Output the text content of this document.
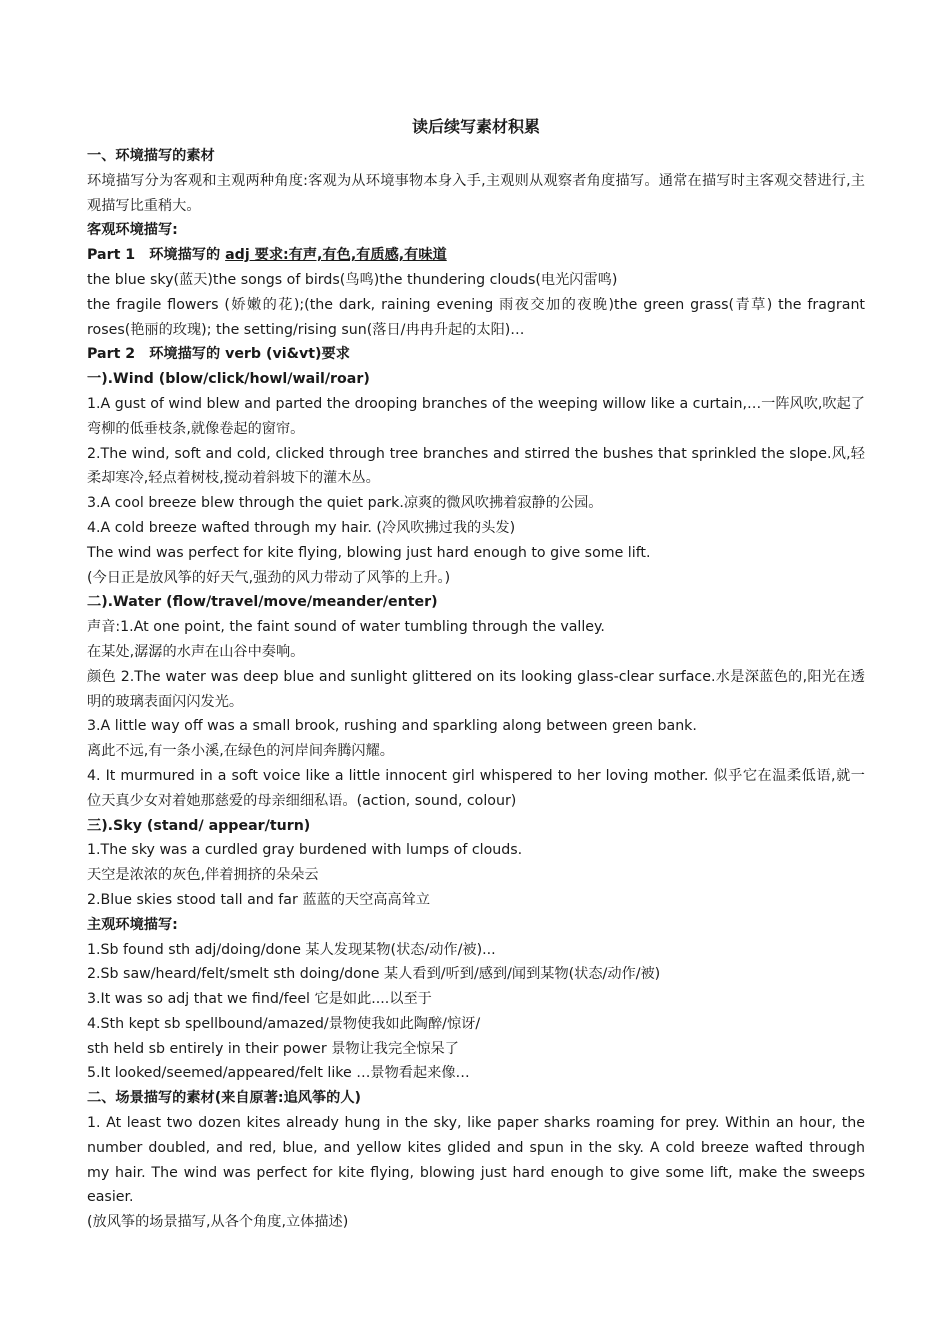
读后续写素材积累

一、环境描写的素材

环境描写分为客观和主观两种角度:客观为从环境事物本身入手,主观则从观察者角度描写。通常在描写时主客观交替进行,主观描写比重稍大。

客观环境描写:

Part 1 环境描写的 adj 要求:有声,有色,有质感,有味道

the blue sky(蓝天)the songs of birds(鸟鸣)the thundering clouds(电光闪雷鸣)

the fragile flowers (娇嫩的花);(the dark, raining evening 雨夜交加的夜晚)the green grass(青草) the fragrant roses(艳丽的玫瑰); the setting/rising sun(落日/冉冉升起的太阳)…

Part 2 环境描写的 verb (vi&vt)要求

一).Wind (blow/click/howl/wail/roar)

1.A gust of wind blew and parted the drooping branches of the weeping willow like a curtain,…一阵风吹,吹起了弯柳的低垂枝条,就像卷起的窗帘。

2.The wind, soft and cold, clicked through tree branches and stirred the bushes that sprinkled the slope.风,轻柔却寒冷,轻点着树枝,搅动着斜坡下的灌木丛。

3.A cool breeze blew through the quiet park.凉爽的微风吹拂着寂静的公园。

4.A cold breeze wafted through my hair. (冷风吹拂过我的头发)

The wind was perfect for kite flying, blowing just hard enough to give some lift.

(今日正是放风筝的好天气,强劲的风力带动了风筝的上升。)

二).Water (flow/travel/move/meander/enter)

声音:1.At one point, the faint sound of water tumbling through the valley.

在某处,潺潺的水声在山谷中奏响。

颜色 2.The water was deep blue and sunlight glittered on its looking glass-clear surface.水是深蓝色的,阳光在透明的玻璃表面闪闪发光。

3.A little way off was a small brook, rushing and sparkling along between green bank.

离此不远,有一条小溪,在绿色的河岸间奔腾闪耀。

4. It murmured in a soft voice like a little innocent girl whispered to her loving mother. 似乎它在温柔低语,就一位天真少女对着她那慈爱的母亲细细私语。(action, sound, colour)

三).Sky (stand/ appear/turn)

1.The sky was a curdled gray burdened with lumps of clouds.

天空是浓浓的灰色,伴着拥挤的朵朵云

2.Blue skies stood tall and far 蓝蓝的天空高高耸立

主观环境描写:

1.Sb found sth adj/doing/done 某人发现某物(状态/动作/被)...

2.Sb saw/heard/felt/smelt sth doing/done 某人看到/听到/感到/闻到某物(状态/动作/被)

3.It was so adj that we find/feel 它是如此....以至于

4.Sth kept sb spellbound/amazed/景物使我如此陶醉/惊讶/

sth held sb entirely in their power 景物让我完全惊呆了

5.It looked/seemed/appeared/felt like …景物看起来像…

二、场景描写的素材(来自原著:追风筝的人)

1. At least two dozen kites already hung in the sky, like paper sharks roaming for prey. Within an hour, the number doubled, and red, blue, and yellow kites glided and spun in the sky. A cold breeze wafted through my hair. The wind was perfect for kite flying, blowing just hard enough to give some lift, make the sweeps easier.

(放风筝的场景描写,从各个角度,立体描述)
